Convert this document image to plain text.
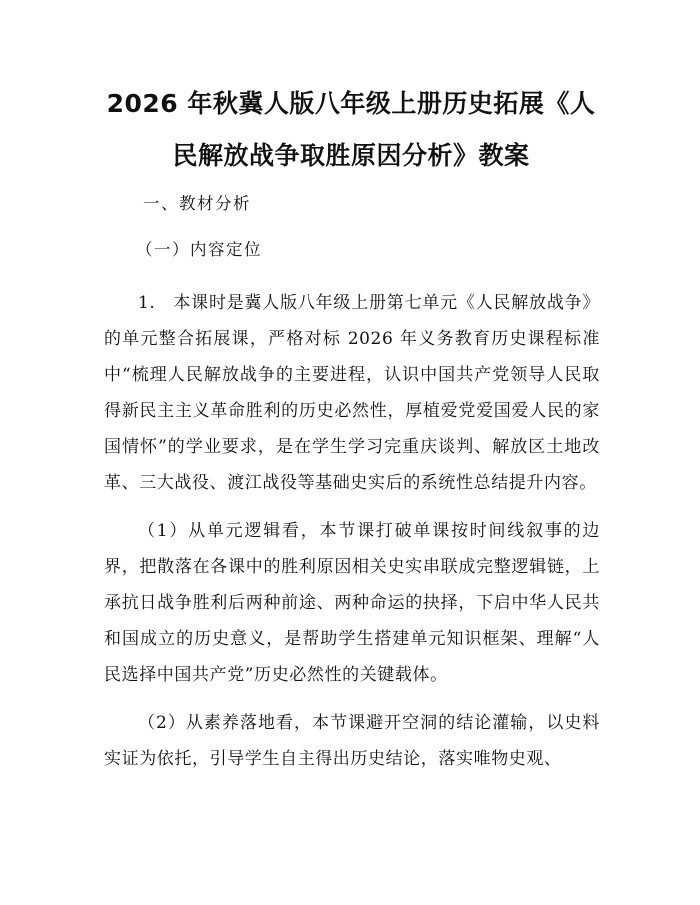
2026 年秋冀人版八年级上册历史拓展《人民解放战争取胜原因分析》教案

一、教材分析

（一）内容定位

1.　本课时是冀人版八年级上册第七单元《人民解放战争》的单元整合拓展课，严格对标 2026 年义务教育历史课程标准中“梳理人民解放战争的主要进程，认识中国共产党领导人民取得新民主主义革命胜利的历史必然性，厚植爱党爱国爱人民的家国情怀”的学业要求，是在学生学习完重庆谈判、解放区土地改革、三大战役、渡江战役等基础史实后的系统性总结提升内容。

（1）从单元逻辑看，本节课打破单课按时间线叙事的边界，把散落在各课中的胜利原因相关史实串联成完整逻辑链，上承抗日战争胜利后两种前途、两种命运的抉择，下启中华人民共和国成立的历史意义，是帮助学生搭建单元知识框架、理解“人民选择中国共产党”历史必然性的关键载体。

（2）从素养落地看，本节课避开空洞的结论灌输，以史料实证为依托，引导学生自主得出历史结论，落实唯物史观、
